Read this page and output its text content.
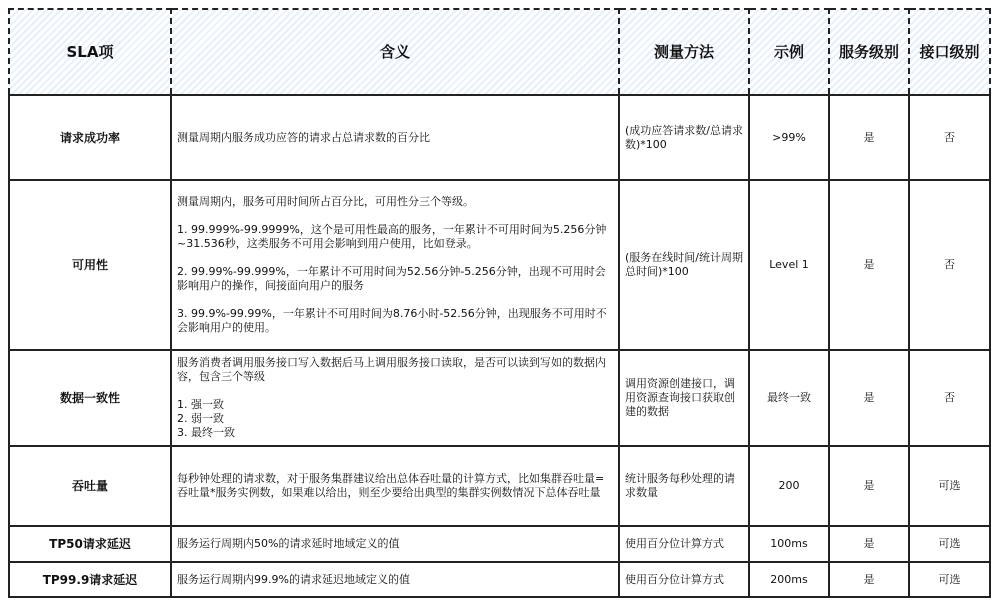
SLA项	含义	测量方法	示例	服务级别	接口级别
请求成功率	测量周期内服务成功应答的请求占总请求数的百分比	(成功应答请求数/总请求数)*100	>99%	是	否
可用性	测量周期内，服务可用时间所占百分比，可用性分三个等级。

1. 99.999%-99.9999%，这个是可用性最高的服务，一年累计不可用时间为5.256分钟~31.536秒，这类服务不可用会影响到用户使用，比如登录。

2. 99.99%-99.999%，一年累计不可用时间为52.56分钟-5.256分钟，出现不可用时会影响用户的操作，间接面向用户的服务

3. 99.9%-99.99%，一年累计不可用时间为8.76小时-52.56分钟，出现服务不可用时不会影响用户的使用。	(服务在线时间/统计周期总时间)*100	Level 1	是	否
数据一致性	服务消费者调用服务接口写入数据后马上调用服务接口读取，是否可以读到写如的数据内容，包含三个等级

1. 强一致
2. 弱一致
3. 最终一致	调用资源创建接口，调用资源查询接口获取创建的数据	最终一致	是	否
吞吐量	每秒钟处理的请求数，对于服务集群建议给出总体吞吐量的计算方式，比如集群吞吐量=吞吐量*服务实例数，如果难以给出，则至少要给出典型的集群实例数情况下总体吞吐量	统计服务每秒处理的请求数量	200	是	可选
TP50请求延迟	服务运行周期内50%的请求延时地域定义的值	使用百分位计算方式	100ms	是	可选
TP99.9请求延迟	服务运行周期内99.9%的请求延迟地域定义的值	使用百分位计算方式	200ms	是	可选
